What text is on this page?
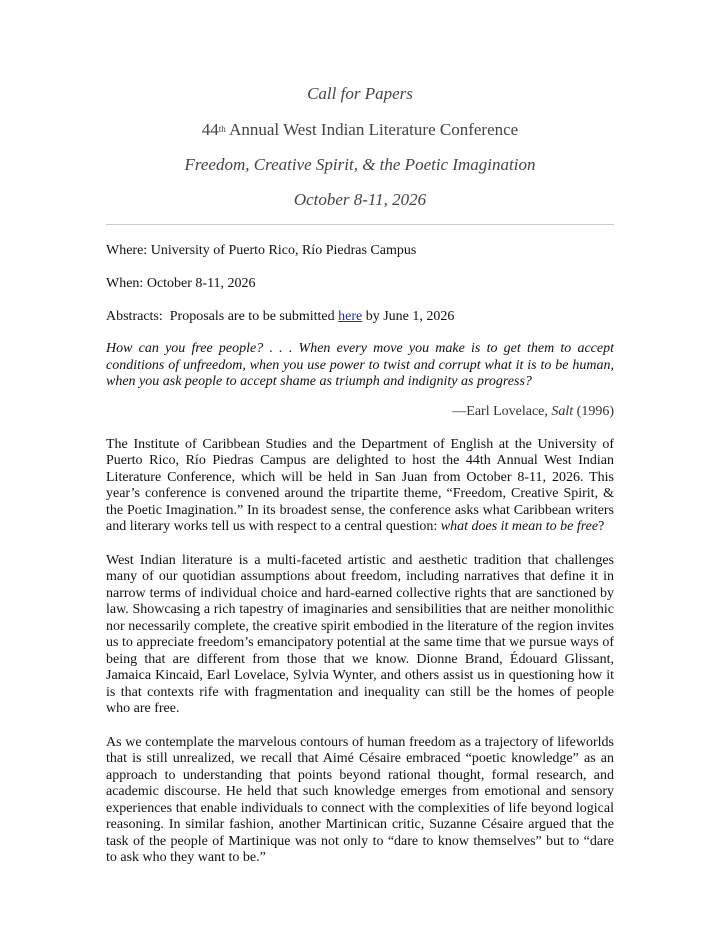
Call for Papers

44th Annual West Indian Literature Conference

Freedom, Creative Spirit, & the Poetic Imagination

October 8-11, 2026

Where: University of Puerto Rico, Río Piedras Campus

When: October 8-11, 2026

Abstracts: Proposals are to be submitted here by June 1, 2026

How can you free people? . . . When every move you make is to get them to accept conditions of unfreedom, when you use power to twist and corrupt what it is to be human, when you ask people to accept shame as triumph and indignity as progress?

—Earl Lovelace, Salt (1996)

The Institute of Caribbean Studies and the Department of English at the University of Puerto Rico, Río Piedras Campus are delighted to host the 44th Annual West Indian Literature Conference, which will be held in San Juan from October 8-11, 2026. This year’s conference is convened around the tripartite theme, “Freedom, Creative Spirit, & the Poetic Imagination.” In its broadest sense, the conference asks what Caribbean writers and literary works tell us with respect to a central question: what does it mean to be free?

West Indian literature is a multi-faceted artistic and aesthetic tradition that challenges many of our quotidian assumptions about freedom, including narratives that define it in narrow terms of individual choice and hard-earned collective rights that are sanctioned by law. Showcasing a rich tapestry of imaginaries and sensibilities that are neither monolithic nor necessarily complete, the creative spirit embodied in the literature of the region invites us to appreciate freedom’s emancipatory potential at the same time that we pursue ways of being that are different from those that we know. Dionne Brand, Édouard Glissant, Jamaica Kincaid, Earl Lovelace, Sylvia Wynter, and others assist us in questioning how it is that contexts rife with fragmentation and inequality can still be the homes of people who are free.

As we contemplate the marvelous contours of human freedom as a trajectory of lifeworlds that is still unrealized, we recall that Aimé Césaire embraced “poetic knowledge” as an approach to understanding that points beyond rational thought, formal research, and academic discourse. He held that such knowledge emerges from emotional and sensory experiences that enable individuals to connect with the complexities of life beyond logical reasoning. In similar fashion, another Martinican critic, Suzanne Césaire argued that the task of the people of Martinique was not only to “dare to know themselves” but to “dare to ask who they want to be.”
